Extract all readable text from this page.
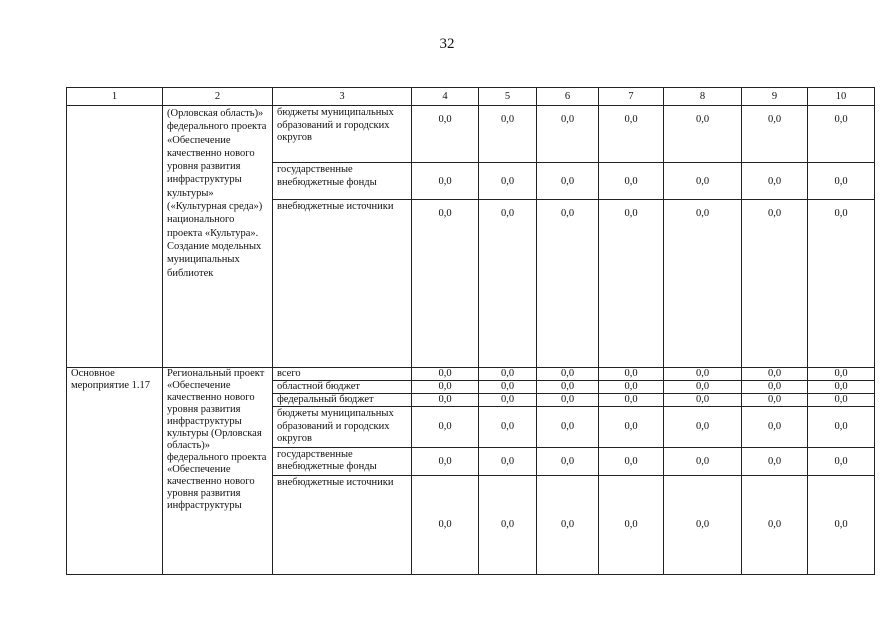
32
1	2	3	4	5	6	7	8	9	10
	(Орловская область)» федерального проекта «Обеспечение качественно нового уровня развития инфраструктуры культуры» («Культурная среда») национального проекта «Культура». Создание модельных муниципальных библиотек	бюджеты муниципальных образований и городских округов	0,0	0,0	0,0	0,0	0,0	0,0	0,0
		государственные внебюджетные фонды	0,0	0,0	0,0	0,0	0,0	0,0	0,0
		внебюджетные источники	0,0	0,0	0,0	0,0	0,0	0,0	0,0
Основное мероприятие 1.17	Региональный проект «Обеспечение качественно нового уровня развития инфраструктуры культуры (Орловская область)» федерального проекта «Обеспечение качественно нового уровня развития инфраструктуры	всего	0,0	0,0	0,0	0,0	0,0	0,0	0,0
		областной бюджет	0,0	0,0	0,0	0,0	0,0	0,0	0,0
		федеральный бюджет	0,0	0,0	0,0	0,0	0,0	0,0	0,0
		бюджеты муниципальных образований и городских округов	0,0	0,0	0,0	0,0	0,0	0,0	0,0
		государственные внебюджетные фонды	0,0	0,0	0,0	0,0	0,0	0,0	0,0
		внебюджетные источники	0,0	0,0	0,0	0,0	0,0	0,0	0,0
